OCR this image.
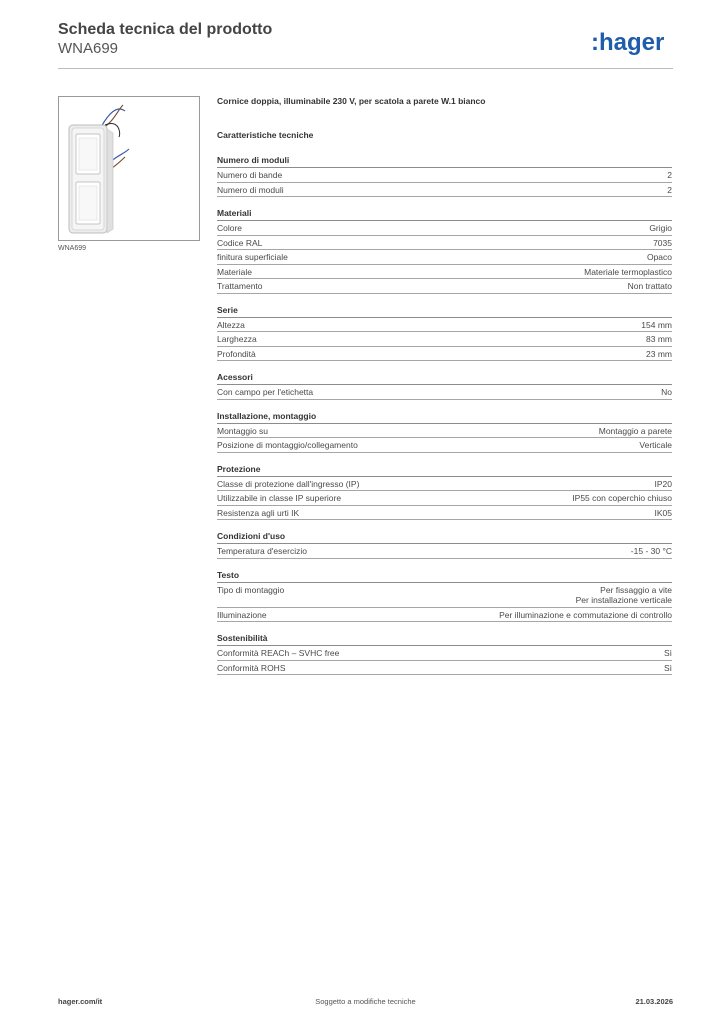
Scheda tecnica del prodotto
WNA699	:hager
WNA699
Cornice doppia, illuminabile 230 V, per scatola a parete W.1 bianco
Caratteristiche tecniche
Numero di moduli
Numero di bande	2
Numero di moduli	2
Materiali
Colore	Grigio
Codice RAL	7035
finitura superficiale	Opaco
Materiale	Materiale termoplastico
Trattamento	Non trattato
Serie
Altezza	154 mm
Larghezza	83 mm
Profondità	23 mm
Acessori
Con campo per l'etichetta	No
Installazione, montaggio
Montaggio su	Montaggio a parete
Posizione di montaggio/collegamento	Verticale
Protezione
Classe di protezione dall'ingresso (IP)	IP20
Utilizzabile in classe IP superiore	IP55 con coperchio chiuso
Resistenza agli urti IK	IK05
Condizioni d'uso
Temperatura d'esercizio	-15 - 30 °C
Testo
Tipo di montaggio	Per fissaggio a vite
Per installazione verticale
Illuminazione	Per illuminazione e commutazione di controllo
Sostenibilità
Conformità REACh – SVHC free	Sì
Conformità ROHS	Sì
hager.com/it	Soggetto a modifiche tecniche	21.03.2026
